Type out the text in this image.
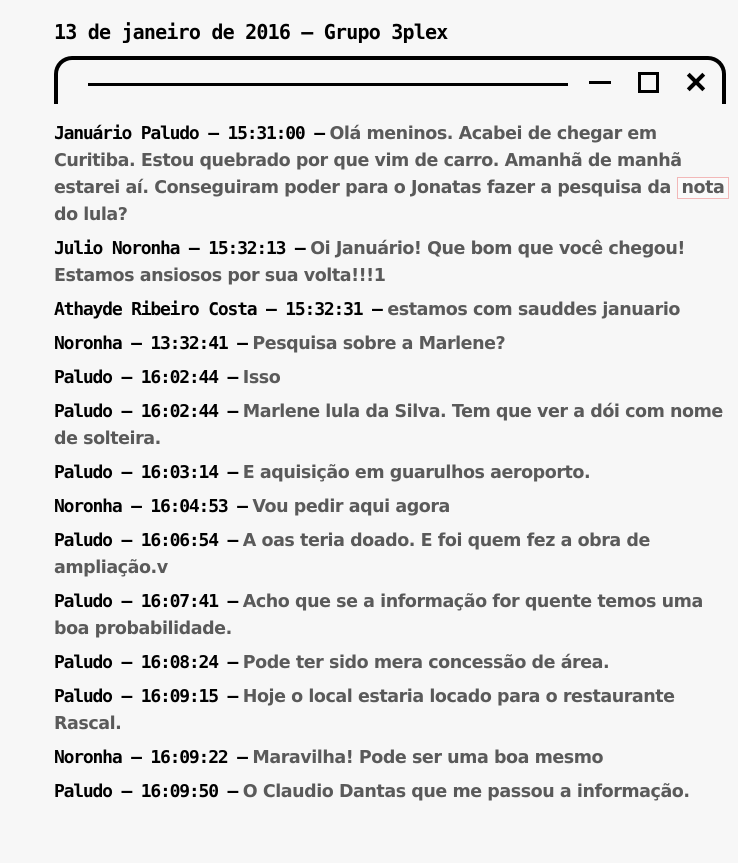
13 de janeiro de 2016 – Grupo 3plex
Januário Paludo – 15:31:00 – Olá meninos. Acabei de chegar em Curitiba. Estou quebrado por que vim de carro. Amanhã de manhã estarei aí. Conseguiram poder para o Jonatas fazer a pesquisa da nota do lula?
Julio Noronha – 15:32:13 – Oi Januário! Que bom que você chegou! Estamos ansiosos por sua volta!!!1
Athayde Ribeiro Costa – 15:32:31 – estamos com sauddes januario
Noronha – 13:32:41 – Pesquisa sobre a Marlene?
Paludo – 16:02:44 – Isso
Paludo – 16:02:44 – Marlene lula da Silva. Tem que ver a dói com nome de solteira.
Paludo – 16:03:14 – E aquisição em guarulhos aeroporto.
Noronha – 16:04:53 – Vou pedir aqui agora
Paludo – 16:06:54 – A oas teria doado. E foi quem fez a obra de ampliação.v
Paludo – 16:07:41 – Acho que se a informação for quente temos uma boa probabilidade.
Paludo – 16:08:24 – Pode ter sido mera concessão de área.
Paludo – 16:09:15 – Hoje o local estaria locado para o restaurante Rascal.
Noronha – 16:09:22 – Maravilha! Pode ser uma boa mesmo
Paludo – 16:09:50 – O Claudio Dantas que me passou a informação.
